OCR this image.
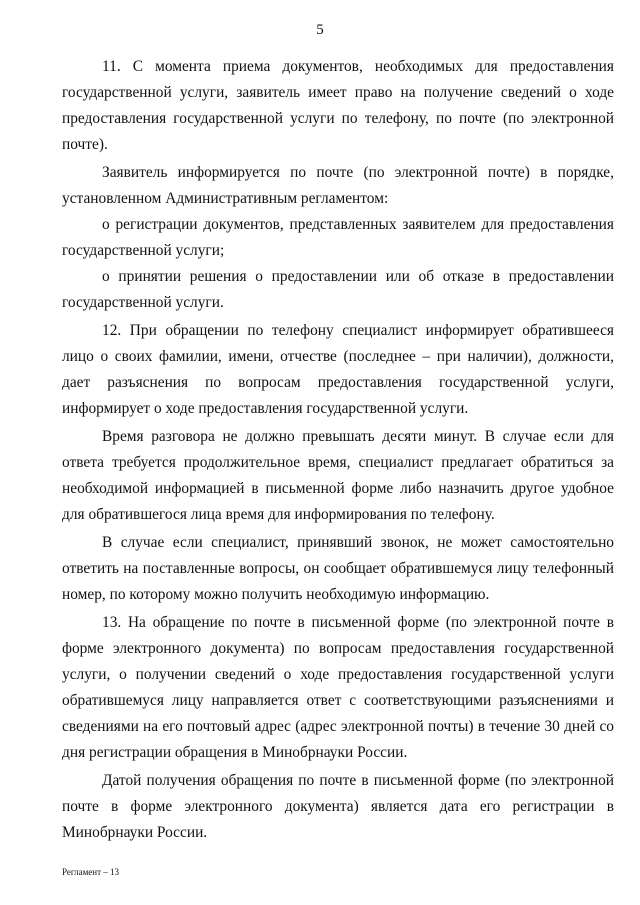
5

11. С момента приема документов, необходимых для предоставления государственной услуги, заявитель имеет право на получение сведений о ходе предоставления государственной услуги по телефону, по почте (по электронной почте).

Заявитель информируется по почте (по электронной почте) в порядке, установленном Административным регламентом:

о регистрации документов, представленных заявителем для предоставления государственной услуги;

о принятии решения о предоставлении или об отказе в предоставлении государственной услуги.

12. При обращении по телефону специалист информирует обратившееся лицо о своих фамилии, имени, отчестве (последнее – при наличии), должности, дает разъяснения по вопросам предоставления государственной услуги, информирует о ходе предоставления государственной услуги.

Время разговора не должно превышать десяти минут. В случае если для ответа требуется продолжительное время, специалист предлагает обратиться за необходимой информацией в письменной форме либо назначить другое удобное для обратившегося лица время для информирования по телефону.

В случае если специалист, принявший звонок, не может самостоятельно ответить на поставленные вопросы, он сообщает обратившемуся лицу телефонный номер, по которому можно получить необходимую информацию.

13. На обращение по почте в письменной форме (по электронной почте в форме электронного документа) по вопросам предоставления государственной услуги, о получении сведений о ходе предоставления государственной услуги обратившемуся лицу направляется ответ с соответствующими разъяснениями и сведениями на его почтовый адрес (адрес электронной почты) в течение 30 дней со дня регистрации обращения в Минобрнауки России.

Датой получения обращения по почте в письменной форме (по электронной почте в форме электронного документа) является дата его регистрации в Минобрнауки России.

Регламент – 13
